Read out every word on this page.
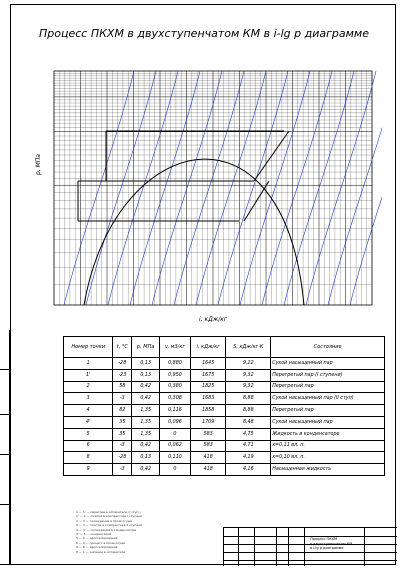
Процесс ПКХМ в двухступенчатом КМ в i-lg p диаграмме
p, МПа
i, кДж/кг
Номер точки	t, °C	p, МПа	v, м3/кг	i, кДж/кг	S, кДж/кг·К	Состояние
1	-28	0,13	0,880	1645	9,22	Сухой насыщенный пар
1'	-23	0,13	0,950	1675	9,32	Перегретый пар (I ступени)
2	58	0,42	0,380	1825	9,32	Перегретый пар
3	-3	0,42	0,308	1683	8,88	Сухой насыщенный пар (II ступ)
4	82	1,35	0,116	1858	8,88	Перегретый пар
4'	35	1,35	0,096	1709	8,48	Сухой насыщенный пар
5	35	1,35	0	583	4,75	Жидкость в конденсаторе
6	-3	0,42	0,062	583	4,71	x=0,11 вл. п.
8	-28	0,13	0,110	418	4,19	x=0,10 вл. п.
9	-3	0,42	0	418	4,16	Насыщенная жидкость
1 — 1' — перегрев в испарителе (I ступ.)
1' — 2 — сжатие в компрессоре I ступени
2 — 3 — охлаждение в промсосуде
3 — 4 — сжатие в компрессоре II ступени
4 — 4' — охлаждение в конденсаторе
4' — 5 — конденсация
5 — 6 — дросселирование
6 — 9 — процесс в промсосуде
9 — 8 — дросселирование
8 — 1 — кипение в испарителе
Процесс ПКХМ
в двухступенчатом КМ
в i-lg p диаграмме
